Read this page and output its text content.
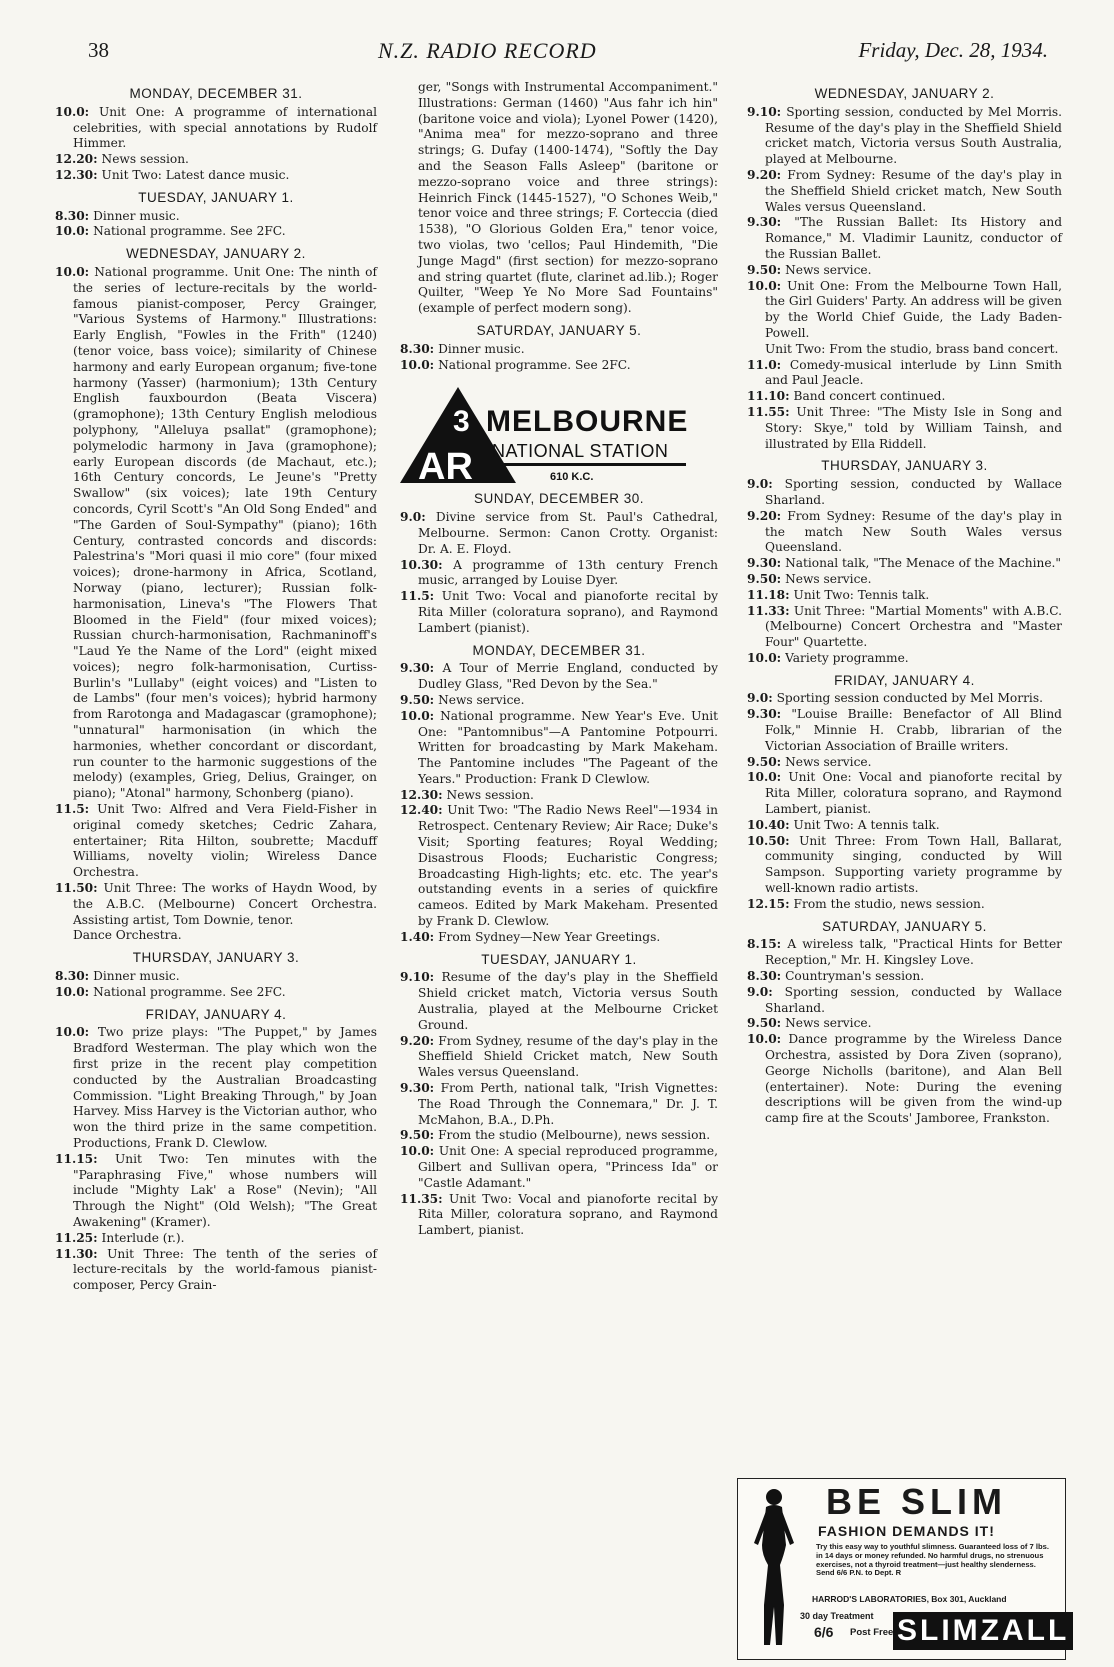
38	N.Z. RADIO RECORD	Friday, Dec. 28, 1934.

MONDAY, DECEMBER 31.

10.0: Unit One: A programme of international celebrities, with special annotations by Rudolf Himmer.

12.20: News session.

12.30: Unit Two: Latest dance music.

TUESDAY, JANUARY 1.

8.30: Dinner music.

10.0: National programme. See 2FC.

WEDNESDAY, JANUARY 2.

10.0: National programme. Unit One: The ninth of the series of lecture-recitals by the world-famous pianist-composer, Percy Grainger, "Various Systems of Harmony." Illustrations: Early English, "Fowles in the Frith" (1240) (tenor voice, bass voice); similarity of Chinese harmony and early European organum; five-tone harmony (Yasser) (harmonium); 13th Century English fauxbourdon (Beata Viscera) (gramophone); 13th Century English melodious polyphony, "Alleluya psallat" (gramophone); polymelodic harmony in Java (gramophone); early European discords (de Machaut, etc.); 16th Century concords, Le Jeune's "Pretty Swallow" (six voices); late 19th Century concords, Cyril Scott's "An Old Song Ended" and "The Garden of Soul-Sympathy" (piano); 16th Century, contrasted concords and discords: Palestrina's "Mori quasi il mio core" (four mixed voices); drone-harmony in Africa, Scotland, Norway (piano, lecturer); Russian folk-harmonisation, Lineva's "The Flowers That Bloomed in the Field" (four mixed voices); Russian church-harmonisation, Rachmaninoff's "Laud Ye the Name of the Lord" (eight mixed voices); negro folk-harmonisation, Curtiss-Burlin's "Lullaby" (eight voices) and "Listen to de Lambs" (four men's voices); hybrid harmony from Rarotonga and Madagascar (gramophone); "unnatural" harmonisation (in which the harmonies, whether concordant or discordant, run counter to the harmonic suggestions of the melody) (examples, Grieg, Delius, Grainger, on piano); "Atonal" harmony, Schonberg (piano).

11.5: Unit Two: Alfred and Vera Field-Fisher in original comedy sketches; Cedric Zahara, entertainer; Rita Hilton, soubrette; Macduff Williams, novelty violin; Wireless Dance Orchestra.

11.50: Unit Three: The works of Haydn Wood, by the A.B.C. (Melbourne) Concert Orchestra. Assisting artist, Tom Downie, tenor.

Dance Orchestra.

THURSDAY, JANUARY 3.

8.30: Dinner music.

10.0: National programme. See 2FC.

FRIDAY, JANUARY 4.

10.0: Two prize plays: "The Puppet," by James Bradford Westerman. The play which won the first prize in the recent play competition conducted by the Australian Broadcasting Commission. "Light Breaking Through," by Joan Harvey. Miss Harvey is the Victorian author, who won the third prize in the same competition. Productions, Frank D. Clewlow.

11.15: Unit Two: Ten minutes with the "Paraphrasing Five," whose numbers will include "Mighty Lak' a Rose" (Nevin); "All Through the Night" (Old Welsh); "The Great Awakening" (Kramer).

11.25: Interlude (r.).

11.30: Unit Three: The tenth of the series of lecture-recitals by the world-famous pianist-composer, Percy Grain-

ger, "Songs with Instrumental Accompaniment." Illustrations: German (1460) "Aus fahr ich hin" (baritone voice and viola); Lyonel Power (1420), "Anima mea" for mezzo-soprano and three strings; G. Dufay (1400-1474), "Softly the Day and the Season Falls Asleep" (baritone or mezzo-soprano voice and three strings): Heinrich Finck (1445-1527), "O Schones Weib," tenor voice and three strings; F. Corteccia (died 1538), "O Glorious Golden Era," tenor voice, two violas, two 'cellos; Paul Hindemith, "Die Junge Magd" (first section) for mezzo-soprano and string quartet (flute, clarinet ad.lib.); Roger Quilter, "Weep Ye No More Sad Fountains" (example of perfect modern song).

SATURDAY, JANUARY 5.

8.30: Dinner music.

10.0: National programme. See 2FC.

3
AR
MELBOURNE
NATIONAL STATION
610 K.C.

SUNDAY, DECEMBER 30.

9.0: Divine service from St. Paul's Cathedral, Melbourne. Sermon: Canon Crotty. Organist: Dr. A. E. Floyd.

10.30: A programme of 13th century French music, arranged by Louise Dyer.

11.5: Unit Two: Vocal and pianoforte recital by Rita Miller (coloratura soprano), and Raymond Lambert (pianist).

MONDAY, DECEMBER 31.

9.30: A Tour of Merrie England, conducted by Dudley Glass, "Red Devon by the Sea."

9.50: News service.

10.0: National programme. New Year's Eve. Unit One: "Pantomnibus"—A Pantomine Potpourri. Written for broadcasting by Mark Makeham. The Pantomine includes "The Pageant of the Years." Production: Frank D Clewlow.

12.30: News session.

12.40: Unit Two: "The Radio News Reel"—1934 in Retrospect. Centenary Review; Air Race; Duke's Visit; Sporting features; Royal Wedding; Disastrous Floods; Eucharistic Congress; Broadcasting High-lights; etc. etc. The year's outstanding events in a series of quickfire cameos. Edited by Mark Makeham. Presented by Frank D. Clewlow.

1.40: From Sydney—New Year Greetings.

TUESDAY, JANUARY 1.

9.10: Resume of the day's play in the Sheffield Shield cricket match, Victoria versus South Australia, played at the Melbourne Cricket Ground.

9.20: From Sydney, resume of the day's play in the Sheffield Shield Cricket match, New South Wales versus Queensland.

9.30: From Perth, national talk, "Irish Vignettes: The Road Through the Connemara," Dr. J. T. McMahon, B.A., D.Ph.

9.50: From the studio (Melbourne), news session.

10.0: Unit One: A special reproduced programme, Gilbert and Sullivan opera, "Princess Ida" or "Castle Adamant."

11.35: Unit Two: Vocal and pianoforte recital by Rita Miller, coloratura soprano, and Raymond Lambert, pianist.

WEDNESDAY, JANUARY 2.

9.10: Sporting session, conducted by Mel Morris. Resume of the day's play in the Sheffield Shield cricket match, Victoria versus South Australia, played at Melbourne.

9.20: From Sydney: Resume of the day's play in the Sheffield Shield cricket match, New South Wales versus Queensland.

9.30: "The Russian Ballet: Its History and Romance," M. Vladimir Launitz, conductor of the Russian Ballet.

9.50: News service.

10.0: Unit One: From the Melbourne Town Hall, the Girl Guiders' Party. An address will be given by the World Chief Guide, the Lady Baden-Powell.

Unit Two: From the studio, brass band concert.

11.0: Comedy-musical interlude by Linn Smith and Paul Jeacle.

11.10: Band concert continued.

11.55: Unit Three: "The Misty Isle in Song and Story: Skye," told by William Tainsh, and illustrated by Ella Riddell.

THURSDAY, JANUARY 3.

9.0: Sporting session, conducted by Wallace Sharland.

9.20: From Sydney: Resume of the day's play in the match New South Wales versus Queensland.

9.30: National talk, "The Menace of the Machine."

9.50: News service.

11.18: Unit Two: Tennis talk.

11.33: Unit Three: "Martial Moments" with A.B.C. (Melbourne) Concert Orchestra and "Master Four" Quartette.

10.0: Variety programme.

FRIDAY, JANUARY 4.

9.0: Sporting session conducted by Mel Morris.

9.30: "Louise Braille: Benefactor of All Blind Folk," Minnie H. Crabb, librarian of the Victorian Association of Braille writers.

9.50: News service.

10.0: Unit One: Vocal and pianoforte recital by Rita Miller, coloratura soprano, and Raymond Lambert, pianist.

10.40: Unit Two: A tennis talk.

10.50: Unit Three: From Town Hall, Ballarat, community singing, conducted by Will Sampson. Supporting variety programme by well-known radio artists.

12.15: From the studio, news session.

SATURDAY, JANUARY 5.

8.15: A wireless talk, "Practical Hints for Better Reception," Mr. H. Kingsley Love.

8.30: Countryman's session.

9.0: Sporting session, conducted by Wallace Sharland.

9.50: News service.

10.0: Dance programme by the Wireless Dance Orchestra, assisted by Dora Ziven (soprano), George Nicholls (baritone), and Alan Bell (entertainer). Note: During the evening descriptions will be given from the wind-up camp fire at the Scouts' Jamboree, Frankston.

BE SLIM
FASHION DEMANDS IT!
Try this easy way to youthful slimness. Guaranteed loss of 7 lbs. in 14 days or money refunded. No harmful drugs, no strenuous exercises, not a thyroid treatment—just healthy slenderness. Send 6/6 P.N. to Dept. R
HARROD'S LABORATORIES, Box 301, Auckland
30 day Treatment
6/6 Post Free SLIMZALL
